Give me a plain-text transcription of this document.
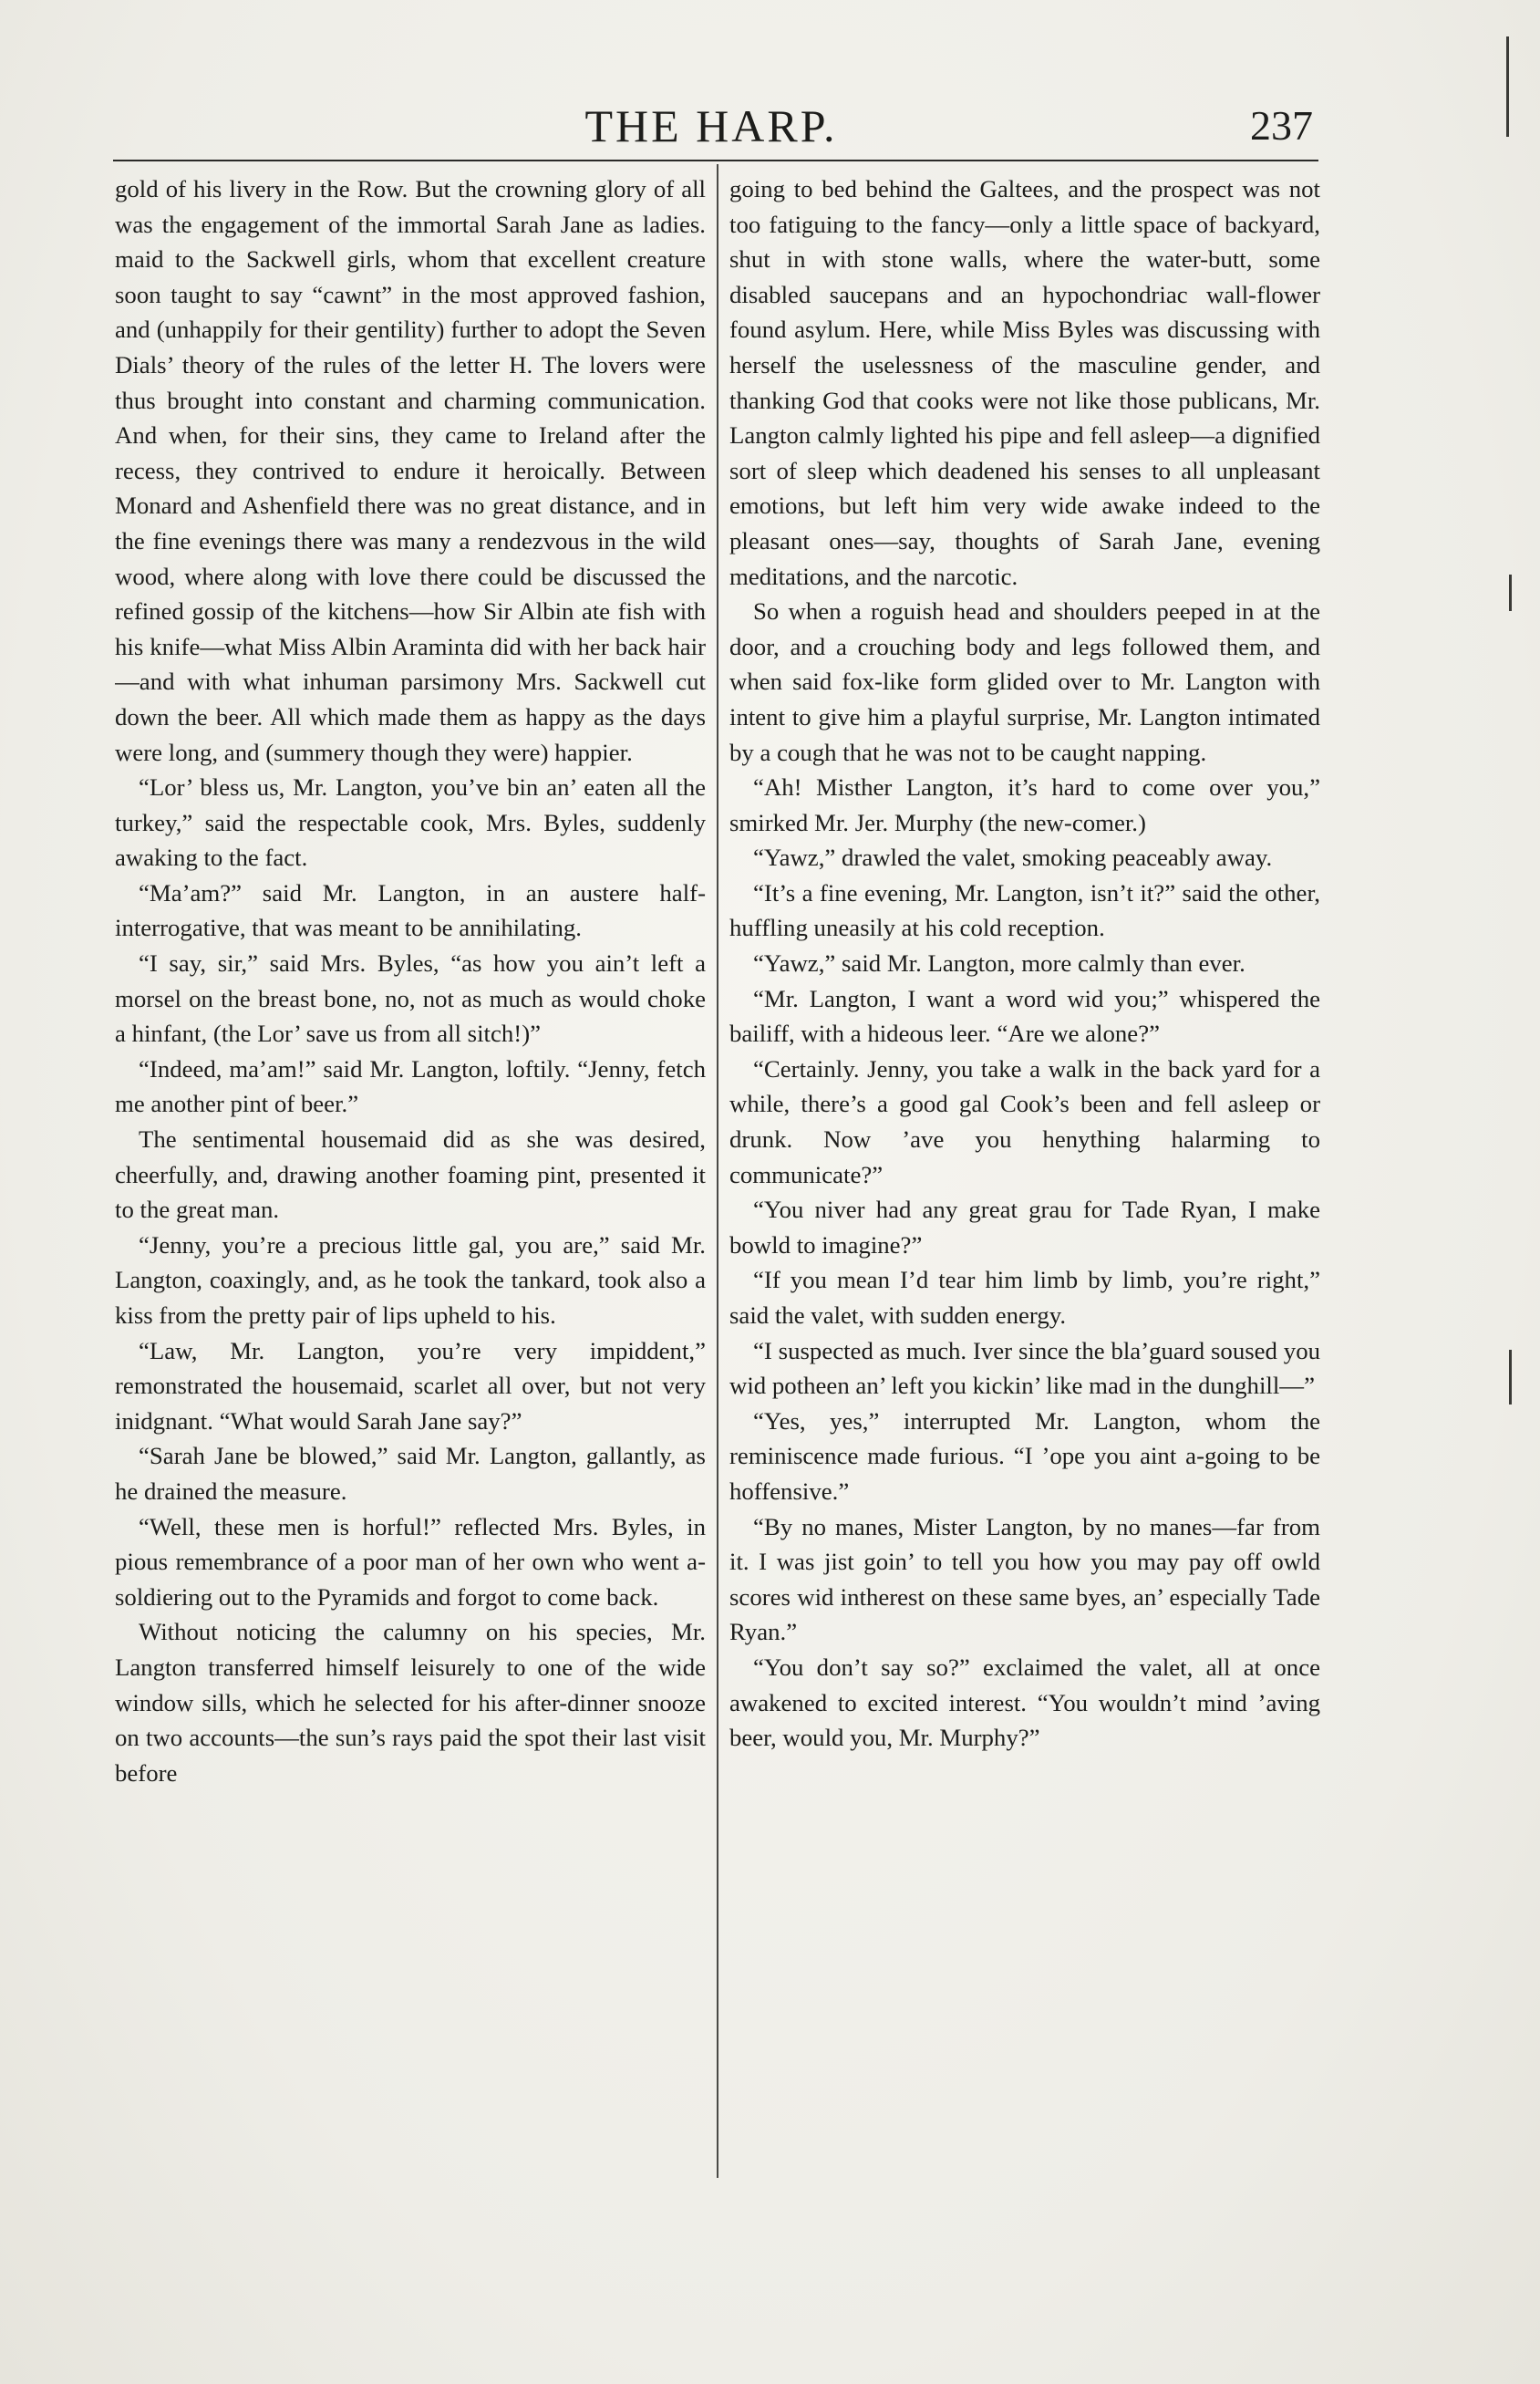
THE HARP.	237

gold of his livery in the Row. But the crowning glory of all was the engagement of the immortal Sarah Jane as ladies. maid to the Sackwell girls, whom that excellent creature soon taught to say “cawnt” in the most approved fashion, and (unhappily for their gentility) further to adopt the Seven Dials’ theory of the rules of the letter H. The lovers were thus brought into constant and charming communication. And when, for their sins, they came to Ireland after the recess, they contrived to endure it heroically. Between Monard and Ashenfield there was no great distance, and in the fine evenings there was many a rendezvous in the wild wood, where along with love there could be discussed the refined gossip of the kitchens—how Sir Albin ate fish with his knife—what Miss Albin Araminta did with her back hair—and with what inhuman parsimony Mrs. Sackwell cut down the beer. All which made them as happy as the days were long, and (summery though they were) happier.

“Lor’ bless us, Mr. Langton, you’ve bin an’ eaten all the turkey,” said the respectable cook, Mrs. Byles, suddenly awaking to the fact.

“Ma’am?” said Mr. Langton, in an austere half-interrogative, that was meant to be annihilating.

“I say, sir,” said Mrs. Byles, “as how you ain’t left a morsel on the breast bone, no, not as much as would choke a hinfant, (the Lor’ save us from all sitch!)”

“Indeed, ma’am!” said Mr. Langton, loftily. “Jenny, fetch me another pint of beer.”

The sentimental housemaid did as she was desired, cheerfully, and, drawing another foaming pint, presented it to the great man.

“Jenny, you’re a precious little gal, you are,” said Mr. Langton, coaxingly, and, as he took the tankard, took also a kiss from the pretty pair of lips upheld to his.

“Law, Mr. Langton, you’re very impiddent,” remonstrated the housemaid, scarlet all over, but not very inidgnant. “What would Sarah Jane say?”

“Sarah Jane be blowed,” said Mr. Langton, gallantly, as he drained the measure.

“Well, these men is horful!” reflected Mrs. Byles, in pious remembrance of a poor man of her own who went a-soldiering out to the Pyramids and forgot to come back.

Without noticing the calumny on his species, Mr. Langton transferred himself leisurely to one of the wide window sills, which he selected for his after-dinner snooze on two accounts—the sun’s rays paid the spot their last visit before

going to bed behind the Galtees, and the prospect was not too fatiguing to the fancy—only a little space of backyard, shut in with stone walls, where the water-butt, some disabled saucepans and an hypochondriac wall-flower found asylum. Here, while Miss Byles was discussing with herself the uselessness of the masculine gender, and thanking God that cooks were not like those publicans, Mr. Langton calmly lighted his pipe and fell asleep—a dignified sort of sleep which deadened his senses to all unpleasant emotions, but left him very wide awake indeed to the pleasant ones—say, thoughts of Sarah Jane, evening meditations, and the narcotic.

So when a roguish head and shoulders peeped in at the door, and a crouching body and legs followed them, and when said fox-like form glided over to Mr. Langton with intent to give him a playful surprise, Mr. Langton intimated by a cough that he was not to be caught napping.

“Ah! Misther Langton, it’s hard to come over you,” smirked Mr. Jer. Murphy (the new-comer.)

“Yawz,” drawled the valet, smoking peaceably away.

“It’s a fine evening, Mr. Langton, isn’t it?” said the other, huffling uneasily at his cold reception.

“Yawz,” said Mr. Langton, more calmly than ever.

“Mr. Langton, I want a word wid you;” whispered the bailiff, with a hideous leer. “Are we alone?”

“Certainly. Jenny, you take a walk in the back yard for a while, there’s a good gal Cook’s been and fell asleep or drunk. Now ’ave you henything halarming to communicate?”

“You niver had any great grau for Tade Ryan, I make bowld to imagine?”

“If you mean I’d tear him limb by limb, you’re right,” said the valet, with sudden energy.

“I suspected as much. Iver since the bla’guard soused you wid potheen an’ left you kickin’ like mad in the dunghill—”

“Yes, yes,” interrupted Mr. Langton, whom the reminiscence made furious. “I ’ope you aint a-going to be hoffensive.”

“By no manes, Mister Langton, by no manes—far from it. I was jist goin’ to tell you how you may pay off owld scores wid intherest on these same byes, an’ especially Tade Ryan.”

“You don’t say so?” exclaimed the valet, all at once awakened to excited interest. “You wouldn’t mind ’aving beer, would you, Mr. Murphy?”
